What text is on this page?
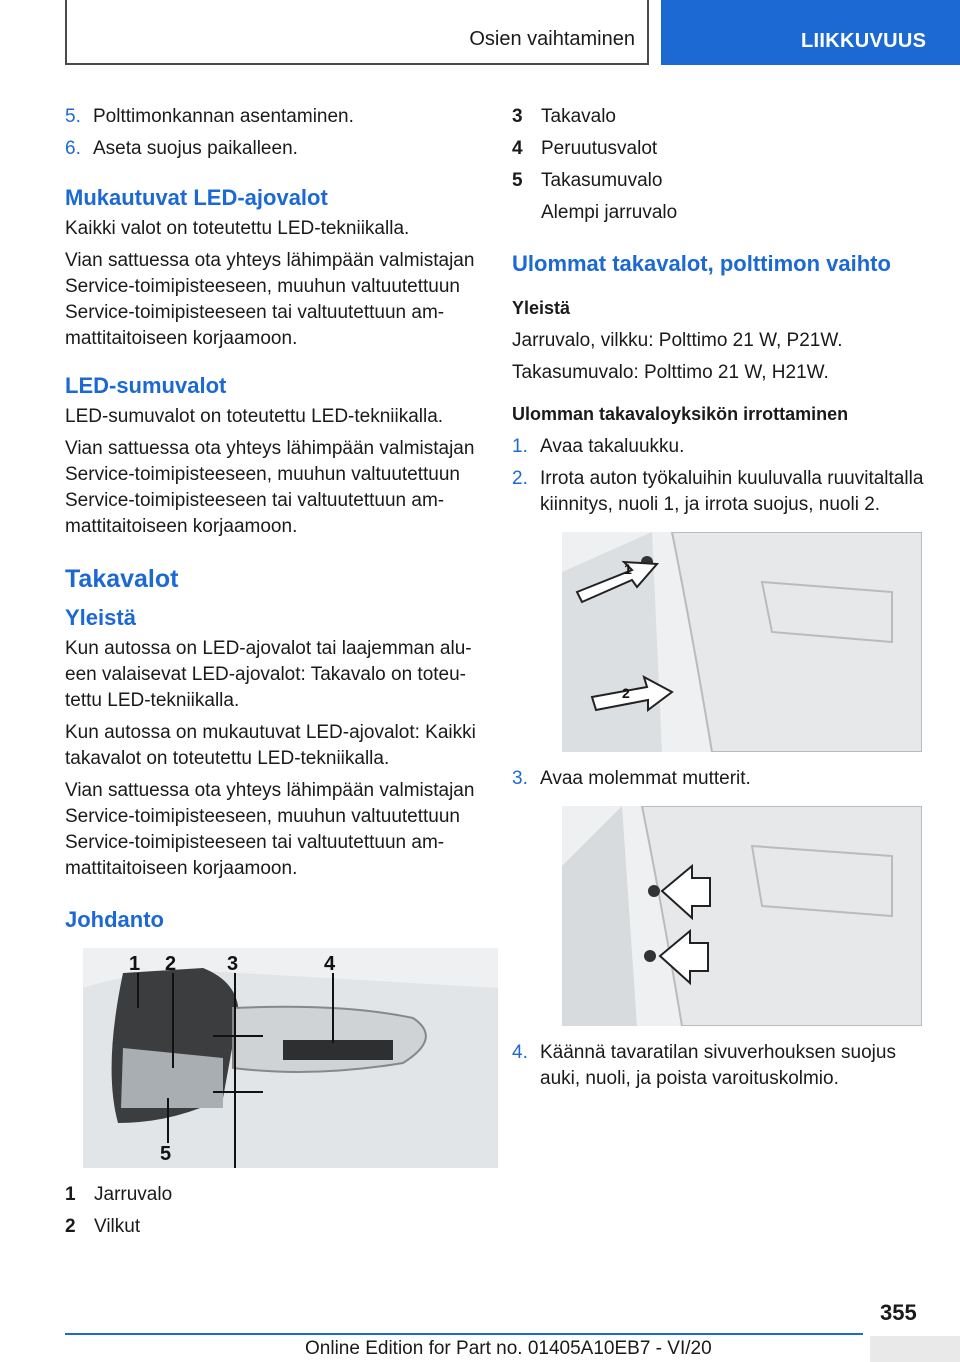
Osien vaihtaminen	LIIKKUVUUS
5. Polttimonkannan asentaminen.
6. Aseta suojus paikalleen.
Mukautuvat LED-ajovalot

Kaikki valot on toteutettu LED-tekniikalla.

Vian sattuessa ota yhteys lähimpään valmistajan Service-toimipisteeseen, muuhun valtuutettuun Service-toimipisteeseen tai valtuutettuun am‐mattitaitoiseen korjaamoon.

LED-sumuvalot

LED-sumuvalot on toteutettu LED-tekniikalla.

Vian sattuessa ota yhteys lähimpään valmistajan Service-toimipisteeseen, muuhun valtuutettuun Service-toimipisteeseen tai valtuutettuun am‐mattitaitoiseen korjaamoon.

Takavalot
Yleistä

Kun autossa on LED-ajovalot tai laajemman alu‐een valaisevat LED-ajovalot: Takavalo on toteu‐tettu LED-tekniikalla.

Kun autossa on mukautuvat LED-ajovalot: Kaikki takavalot on toteutettu LED-tekniikalla.

Vian sattuessa ota yhteys lähimpään valmistajan Service-toimipisteeseen, muuhun valtuutettuun Service-toimipisteeseen tai valtuutettuun am‐mattitaitoiseen korjaamoon.

Johdanto
1 2	3	4
5
1 Jarruvalo
2 Vilkut
3 Takavalo
4 Peruutusvalot
5 Takasumuvalo
Alempi jarruvalo
Ulommat takavalot, polttimon vaihto
Yleistä

Jarruvalo, vilkku: Polttimo 21 W, P21W.

Takasumuvalo: Polttimo 21 W, H21W.

Ulomman takavaloyksikön irrottaminen
1. Avaa takaluukku.
2. Irrota auton työkaluihin kuuluvalla ruuvitaltalla kiinnitys, nuoli 1, ja irrota suojus, nuoli 2.
1
2
3. Avaa molemmat mutterit.
4. Käännä tavaratilan sivuverhouksen suojus auki, nuoli, ja poista varoituskolmio.
355
Online Edition for Part no. 01405A10EB7 - VI/20
